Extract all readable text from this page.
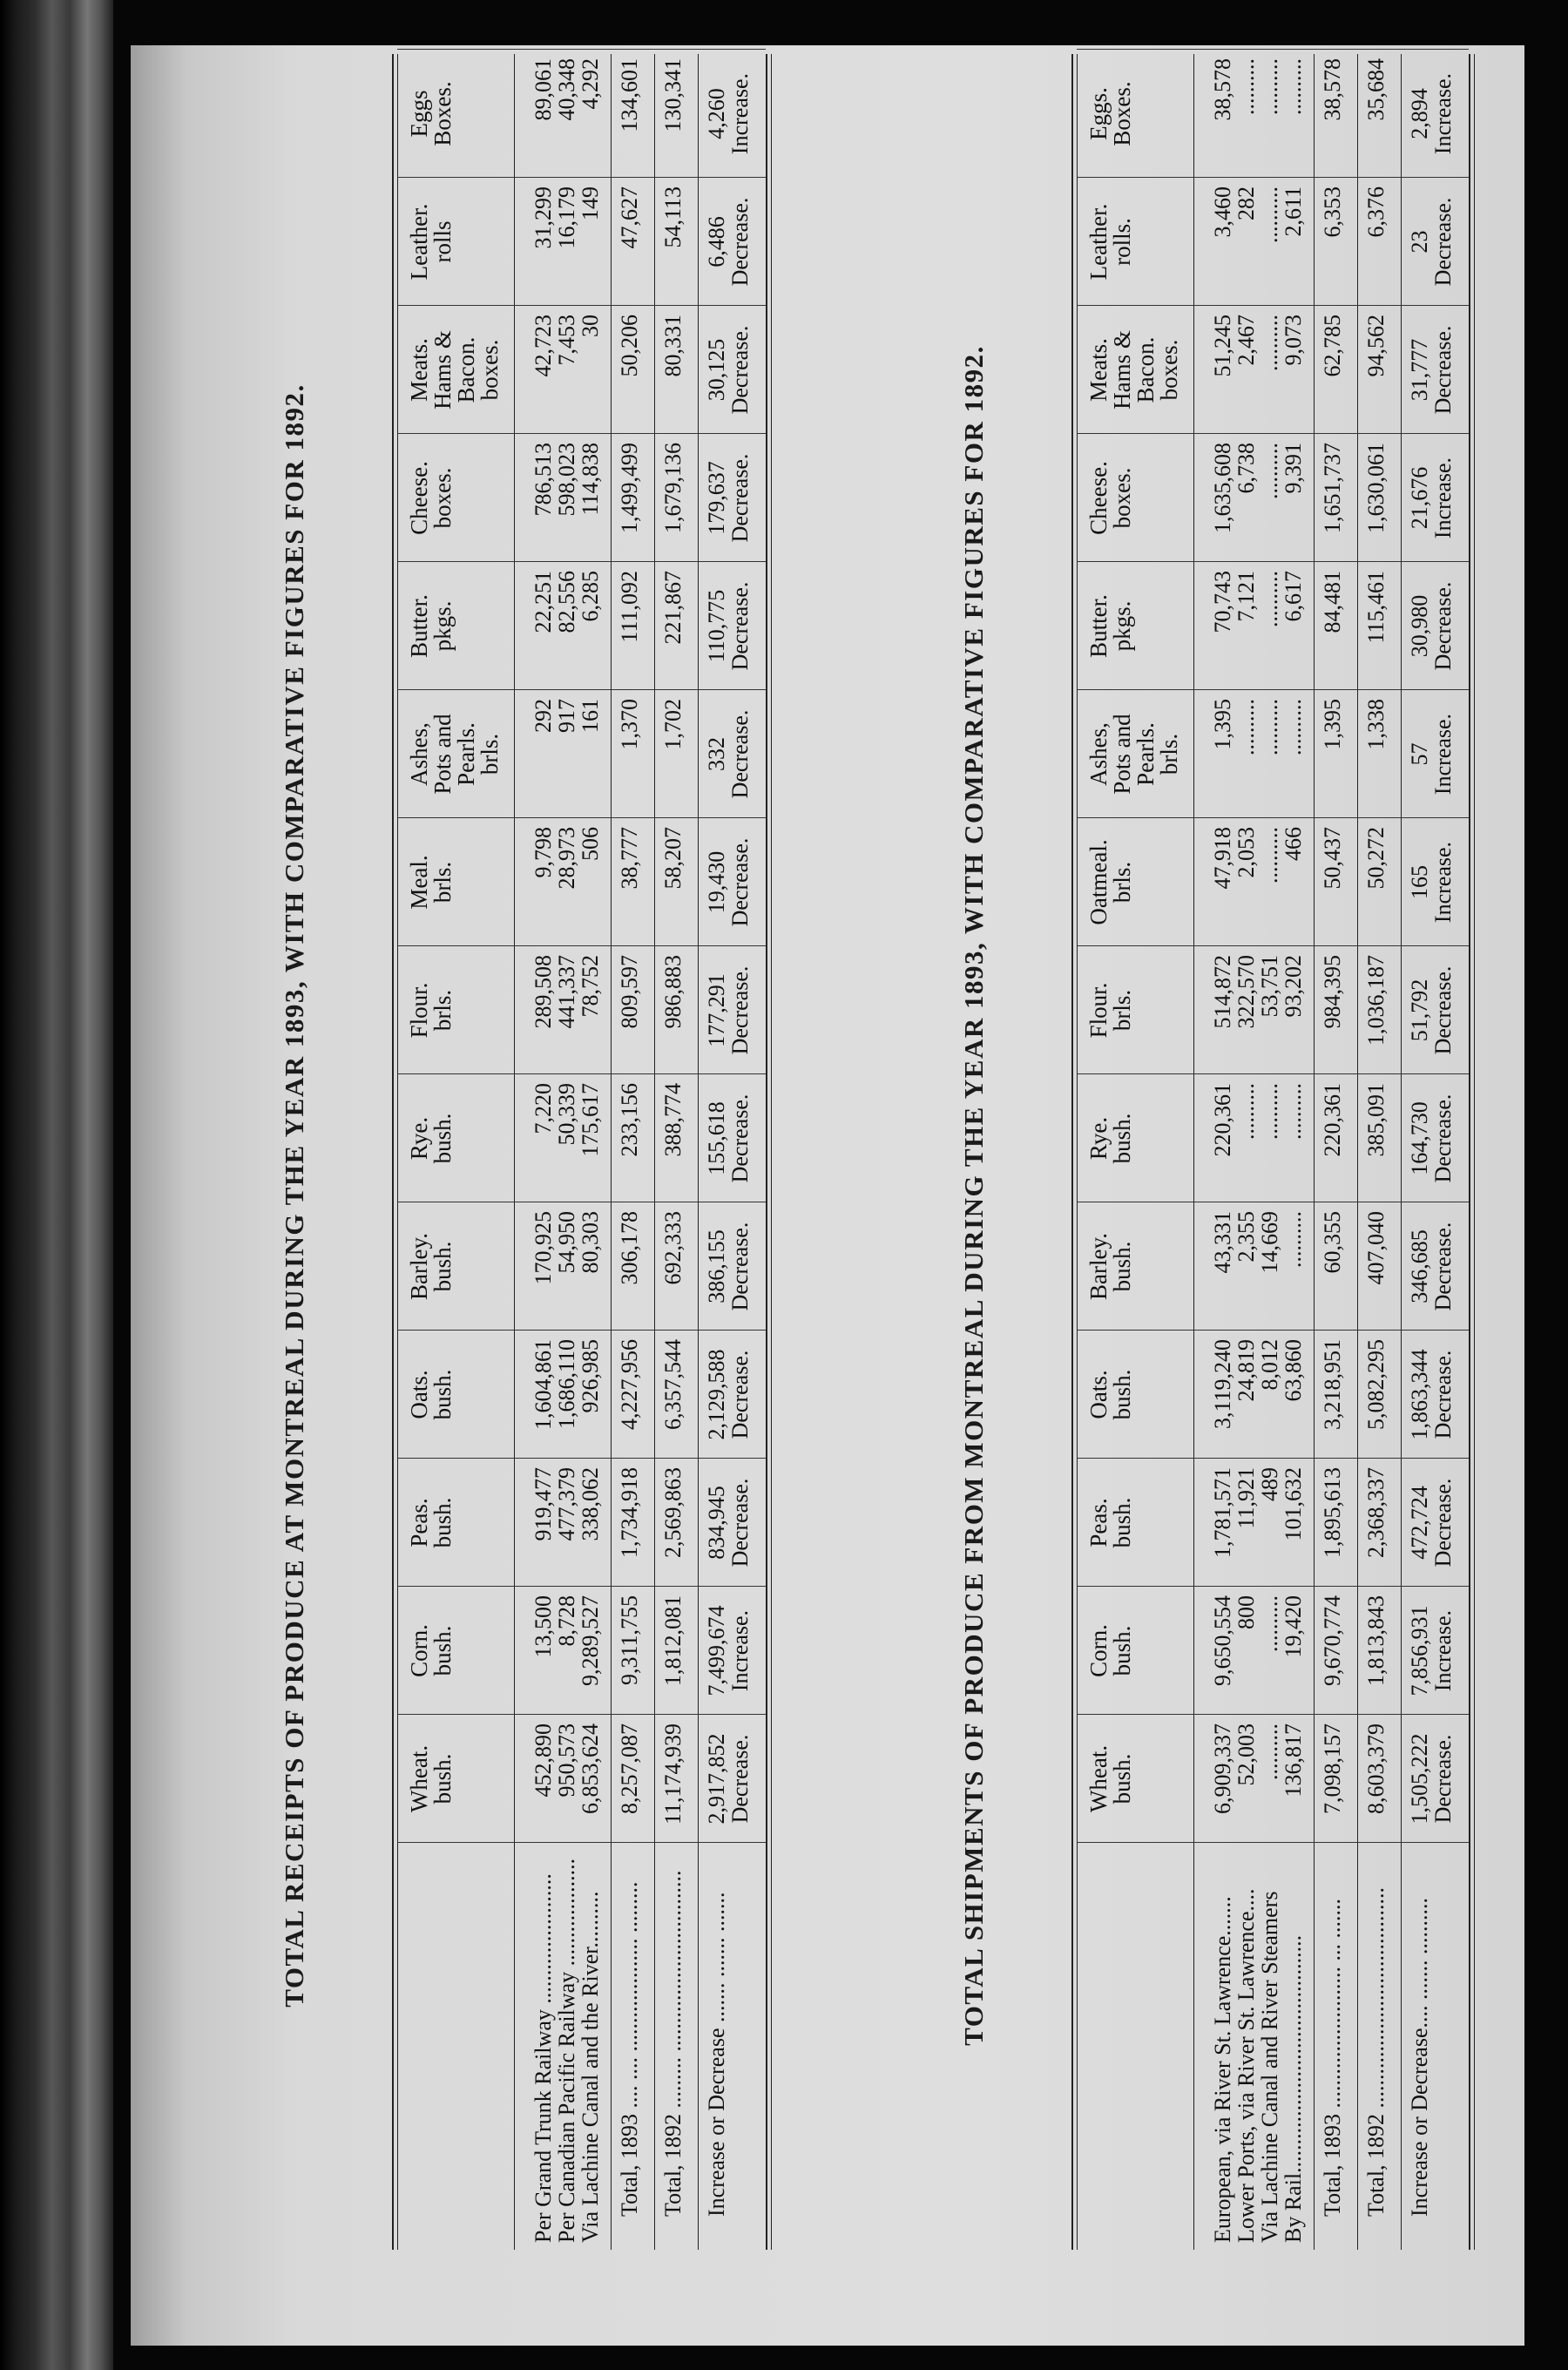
TOTAL RECEIPTS OF PRODUCE AT MONTREAL DURING THE YEAR 1893, WITH COMPARATIVE FIGURES FOR 1892.	Wheat.
bush.
Corn.
bush.
Peas.
bush.
Oats.
bush.
Barley.
bush.
Rye.
bush.
Flour.
brls.
Meal.
brls.
Ashes, Pots and Pearls.
brls.
Butter.
pkgs.
Cheese.
boxes.
Meats. Hams & Bacon.
boxes.
Leather.
rolls
Eggs
Boxes.
Per Grand Trunk Railway .......................
452,890
13,500
919,477
1,604,861
170,925
7,220
289,508
9,798
292
22,251
786,513
42,723
31,299
89,061
Per Canadian Pacific Railway ...................
950,573
8,728
477,379
1,686,110
54,950
50,339
441,337
28,973
917
82,556
598,023
7,453
16,179
40,348
Via Lachine Canal and the River..........
6,853,624
9,289,527
338,062
926,985
80,303
175,617
78,752
506
161
6,285
114,838
30
149
4,292
Total, 1893 .... .... .................... .........
8,257,087
9,311,755
1,734,918
4,227,956
306,178
233,156
809,597
38,777
1,370
111,092
1,499,499
50,206
47,627
134,601
Total, 1892 ......... ................................
11,174,939
1,812,081
2,569,863
6,357,544
692,333
388,774
986,883
58,207
1,702
221,867
1,679,136
80,331
54,113
130,341
Increase or Decrease ....... ....... .......
2,917,852
Decrease.
7,499,674
Increase.
834,945
Decrease.
2,129,588
Decrease.
386,155
Decrease.
155,618
Decrease.
177,291
Decrease.
19,430
Decrease.
332
Decrease.
110,775
Decrease.
179,637
Decrease.
30,125
Decrease.
6,486
Decrease.
4,260
Increase.
TOTAL SHIPMENTS OF PRODUCE FROM MONTREAL DURING THE YEAR 1893, WITH COMPARATIVE FIGURES FOR 1892.	Wheat.
bush.
Corn.
bush.
Peas.
bush.
Oats.
bush.
Barley.
bush.
Rye.
bush.
Flour.
brls.
Oatmeal.
brls.
Ashes, Pots and Pearls.
brls.
Butter.
pkgs.
Cheese.
boxes.
Meats. Hams & Bacon.
boxes.
Leather.
rolls.
Eggs.
Boxes.
European, via River St. Lawrence.......
6,909,337
9,650,554
1,781,571
3,119,240
43,331
220,361
514,872
47,918
1,395
70,743
1,635,608
51,245
3,460
38,578
Lower Ports, via River St. Lawrence....
52,003
800
11,921
24,819
2,355
..........
322,570
2,053
..........
7,121
6,738
2,467
282
..........
Via Lachine Canal and River Steamers
..........
..........
489
8,012
14,669
..........
53,751
..........
..........
..........
..........
..........
..........
..........
By Rail..........................................
136,817
19,420
101,632
63,860
..........
..........
93,202
466
..........
6,617
9,391
9,073
2,611
..........
Total, 1893 ......................... ... .......
7,098,157
9,670,774
1,895,613
3,218,951
60,355
220,361
984,395
50,437
1,395
84,481
1,651,737
62,785
6,353
38,578
Total, 1892 .......................................
8,603,379
1,813,843
2,368,337
5,082,295
407,040
385,091
1,036,187
50,272
1,338
115,461
1,630,061
94,562
6,376
35,684
Increase or Decrease.... ....... ..........
1,505,222
Decrease.
7,856,931
Increase.
472,724
Decrease.
1,863,344
Decrease.
346,685
Decrease.
164,730
Decrease.
51,792
Decrease.
165
Increase.
57
Increase.
30,980
Decrease.
21,676
Increase.
31,777
Decrease.
23
Decrease.
2,894
Increase.
